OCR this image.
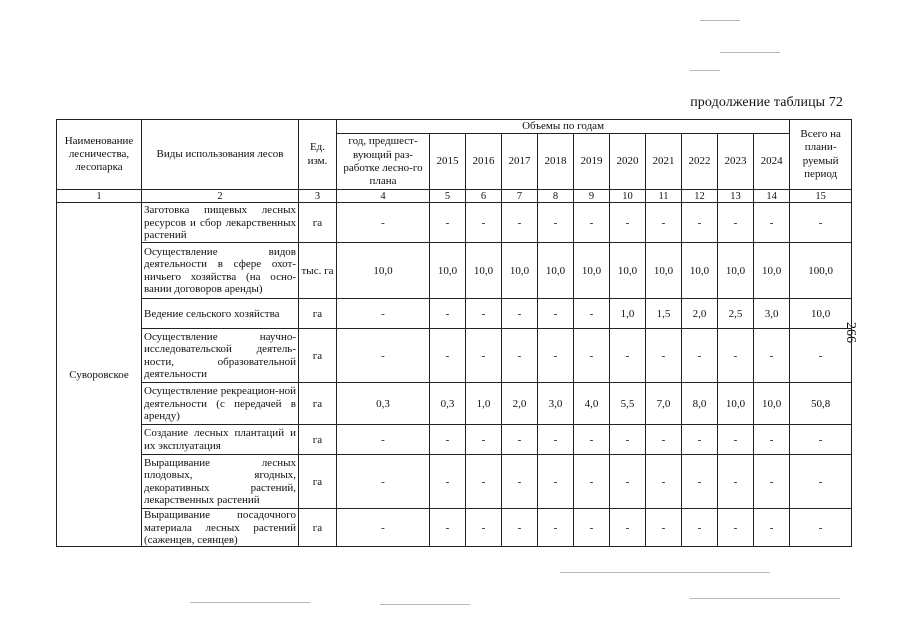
продолжение таблицы 72
266
Наименование лесничества, лесопарка	Виды использования лесов	Ед. изм.	Объемы по годам											Всего на плани-руемый период
			год, предшест-вующий раз-работке лесно-го плана	2015	2016	2017	2018	2019	2020	2021	2022	2023	2024	
1	2	3	4	5	6	7	8	9	10	11	12	13	14	15
Суворовское	Заготовка пищевых лесных ресурсов и сбор лекарственных растений	га	-	-	-	-	-	-	-	-	-	-	-	-
	Осуществление видов деятельности в сфере охот-ничьего хозяйства (на осно-вании договоров аренды)	тыс. га	10,0	10,0	10,0	10,0	10,0	10,0	10,0	10,0	10,0	10,0	10,0	100,0
	Ведение сельского хозяйства	га	-	-	-	-	-	-	1,0	1,5	2,0	2,5	3,0	10,0
	Осуществление научно-исследовательской деятель-ности, образовательной деятельности	га	-	-	-	-	-	-	-	-	-	-	-	-
	Осуществление рекреацион-ной деятельности (с передачей в аренду)	га	0,3	0,3	1,0	2,0	3,0	4,0	5,5	7,0	8,0	10,0	10,0	50,8
	Создание лесных плантаций и их эксплуатация	га	-	-	-	-	-	-	-	-	-	-	-	-
	Выращивание лесных плодовых, ягодных, декоративных растений, лекарственных растений	га	-	-	-	-	-	-	-	-	-	-	-	-
	Выращивание посадочного материала лесных растений (саженцев, сеянцев)	га	-	-	-	-	-	-	-	-	-	-	-	-
